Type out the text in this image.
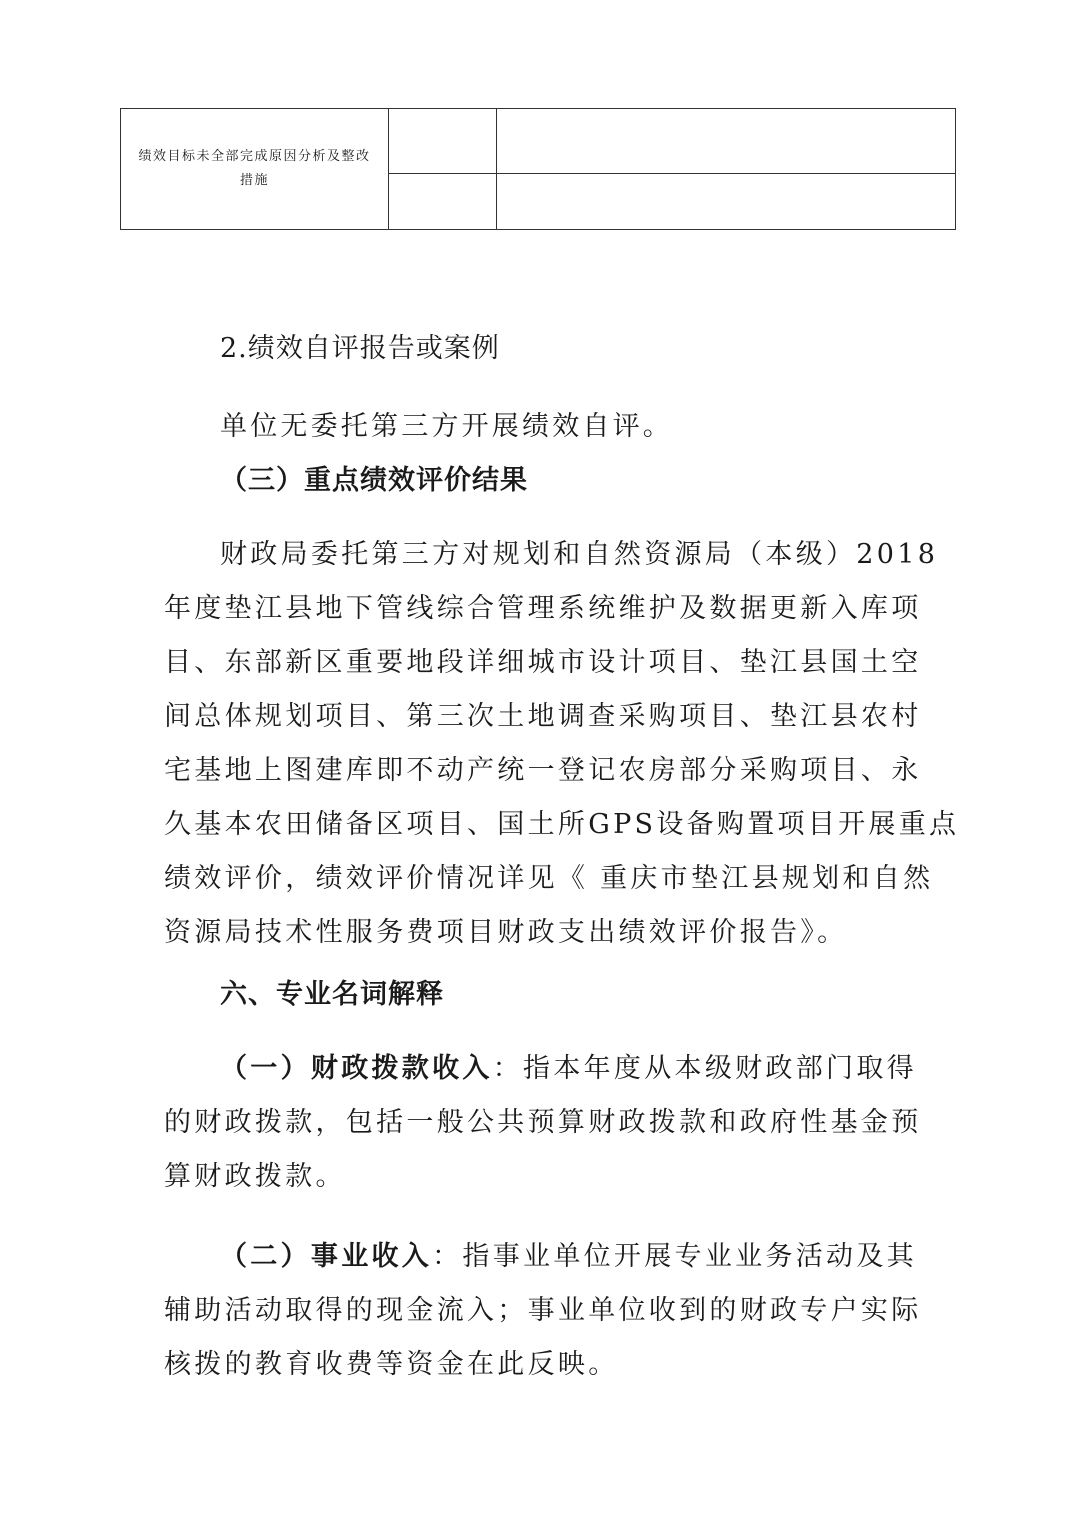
绩效目标未全部完成原因分析及整改
措施
2.绩效自评报告或案例
单位无委托第三方开展绩效自评。
（三）重点绩效评价结果
财政局委托第三方对规划和自然资源局（本级）2018
年度垫江县地下管线综合管理系统维护及数据更新入库项
目、东部新区重要地段详细城市设计项目、垫江县国土空
间总体规划项目、第三次土地调查采购项目、垫江县农村
宅基地上图建库即不动产统一登记农房部分采购项目、永
久基本农田储备区项目、国土所GPS设备购置项目开展重点
绩效评价，绩效评价情况详见《 重庆市垫江县规划和自然
资源局技术性服务费项目财政支出绩效评价报告》。
六、专业名词解释
（一）财政拨款收入：指本年度从本级财政部门取得
的财政拨款，包括一般公共预算财政拨款和政府性基金预
算财政拨款。
（二）事业收入：指事业单位开展专业业务活动及其
辅助活动取得的现金流入；事业单位收到的财政专户实际
核拨的教育收费等资金在此反映。
